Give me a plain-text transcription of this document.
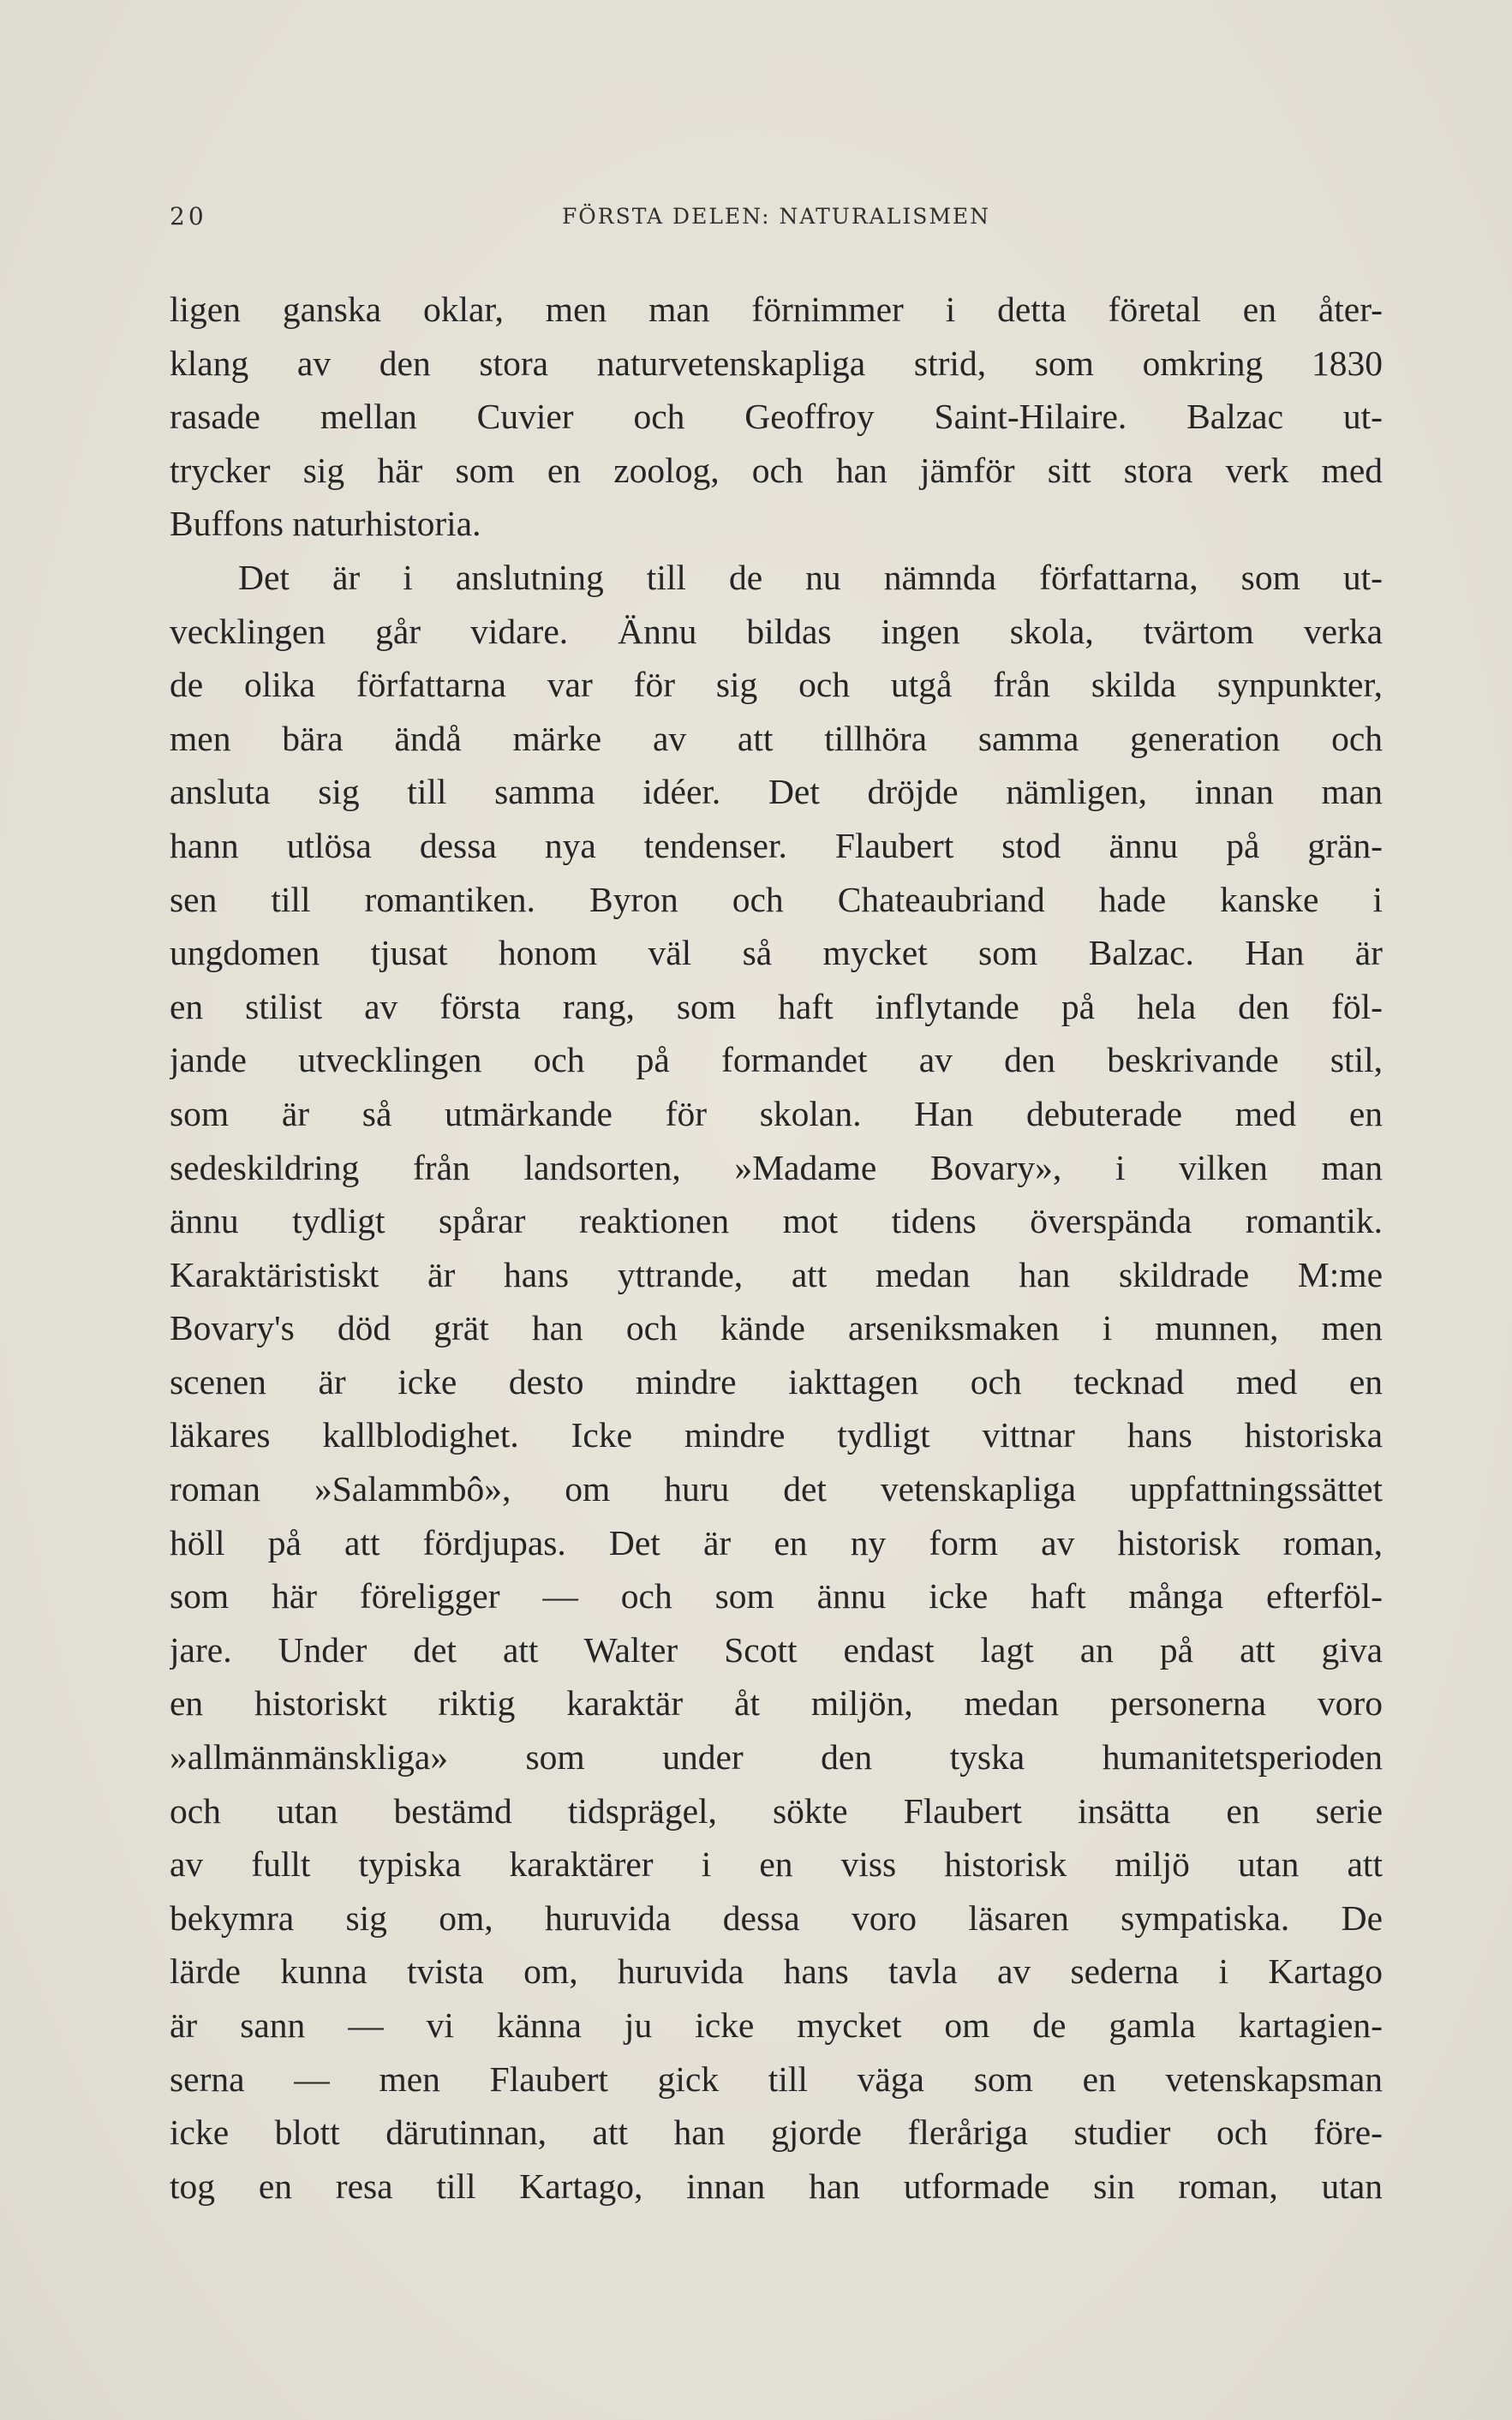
20	FÖRSTA DELEN: NATURALISMEN

ligen ganska oklar, men man förnimmer i detta företal en åter-
klang av den stora naturvetenskapliga strid, som omkring 1830
rasade mellan Cuvier och Geoffroy Saint-Hilaire. Balzac ut-
trycker sig här som en zoolog, och han jämför sitt stora verk med
Buffons naturhistoria.

Det är i anslutning till de nu nämnda författarna, som ut-
vecklingen går vidare. Ännu bildas ingen skola, tvärtom verka
de olika författarna var för sig och utgå från skilda synpunkter,
men bära ändå märke av att tillhöra samma generation och
ansluta sig till samma idéer. Det dröjde nämligen, innan man
hann utlösa dessa nya tendenser. Flaubert stod ännu på grän-
sen till romantiken. Byron och Chateaubriand hade kanske i
ungdomen tjusat honom väl så mycket som Balzac. Han är
en stilist av första rang, som haft inflytande på hela den föl-
jande utvecklingen och på formandet av den beskrivande stil,
som är så utmärkande för skolan. Han debuterade med en
sedeskildring från landsorten, »Madame Bovary», i vilken man
ännu tydligt spårar reaktionen mot tidens överspända romantik.
Karaktäristiskt är hans yttrande, att medan han skildrade M:me
Bovary's död grät han och kände arseniksmaken i munnen, men
scenen är icke desto mindre iakttagen och tecknad med en
läkares kallblodighet. Icke mindre tydligt vittnar hans historiska
roman »Salammbô», om huru det vetenskapliga uppfattningssättet
höll på att fördjupas. Det är en ny form av historisk roman,
som här föreligger — och som ännu icke haft många efterföl-
jare. Under det att Walter Scott endast lagt an på att giva
en historiskt riktig karaktär åt miljön, medan personerna voro
»allmänmänskliga» som under den tyska humanitetsperioden
och utan bestämd tidsprägel, sökte Flaubert insätta en serie
av fullt typiska karaktärer i en viss historisk miljö utan att
bekymra sig om, huruvida dessa voro läsaren sympatiska. De
lärde kunna tvista om, huruvida hans tavla av sederna i Kartago
är sann — vi känna ju icke mycket om de gamla kartagien-
serna — men Flaubert gick till väga som en vetenskapsman
icke blott därutinnan, att han gjorde fleråriga studier och före-
tog en resa till Kartago, innan han utformade sin roman, utan
